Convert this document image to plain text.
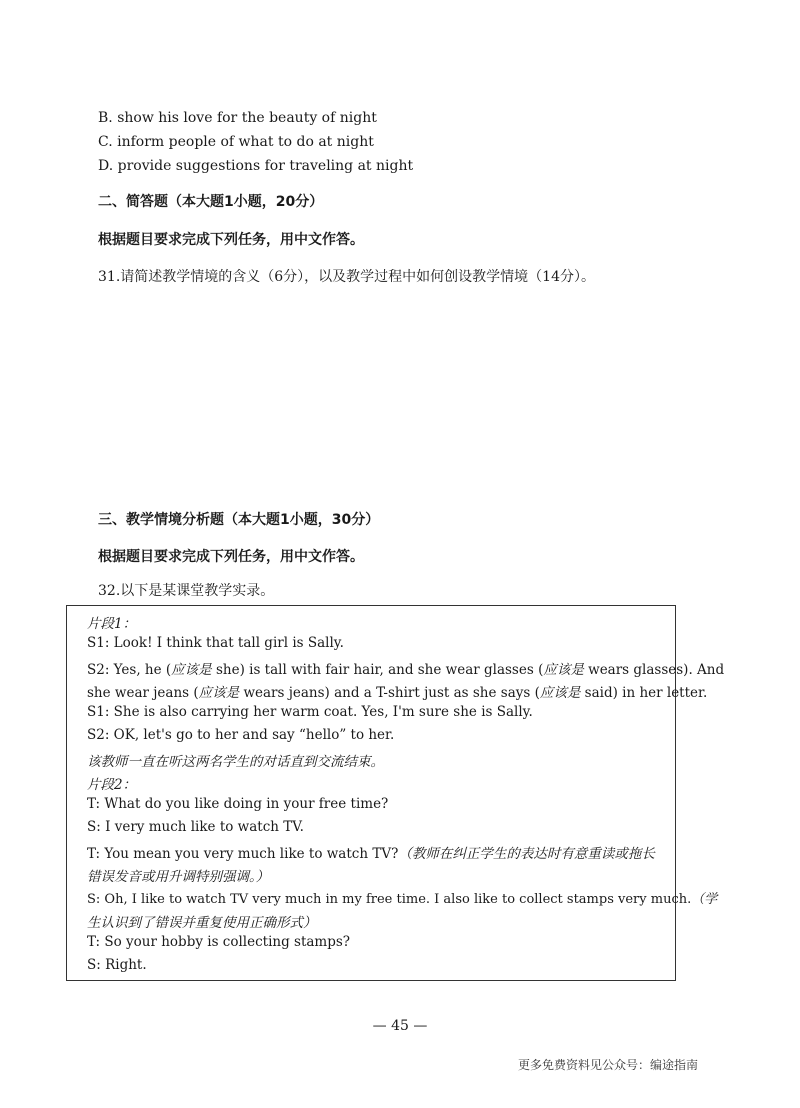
B. show his love for the beauty of night
C. inform people of what to do at night
D. provide suggestions for traveling at night
二、简答题（本大题1小题，20分）
根据题目要求完成下列任务，用中文作答。
31.请简述教学情境的含义（6分），以及教学过程中如何创设教学情境（14分）。
三、教学情境分析题（本大题1小题，30分）
根据题目要求完成下列任务，用中文作答。
32.以下是某课堂教学实录。
片段1：
S1: Look! I think that tall girl is Sally.
S2: Yes, he (应该是 she) is tall with fair hair, and she wear glasses (应该是 wears glasses). And
she wear jeans (应该是 wears jeans) and a T-shirt just as she says (应该是 said) in her letter.
S1: She is also carrying her warm coat. Yes, I'm sure she is Sally.
S2: OK, let's go to her and say “hello” to her.
该教师一直在听这两名学生的对话直到交流结束。
片段2：
T: What do you like doing in your free time?
S: I very much like to watch TV.
T: You mean you very much like to watch TV?（教师在纠正学生的表达时有意重读或拖长
错误发音或用升调特别强调。）
S: Oh, I like to watch TV very much in my free time. I also like to collect stamps very much.（学
生认识到了错误并重复使用正确形式）
T: So your hobby is collecting stamps?
S: Right.
— 45 —
更多免费资料见公众号：编途指南
